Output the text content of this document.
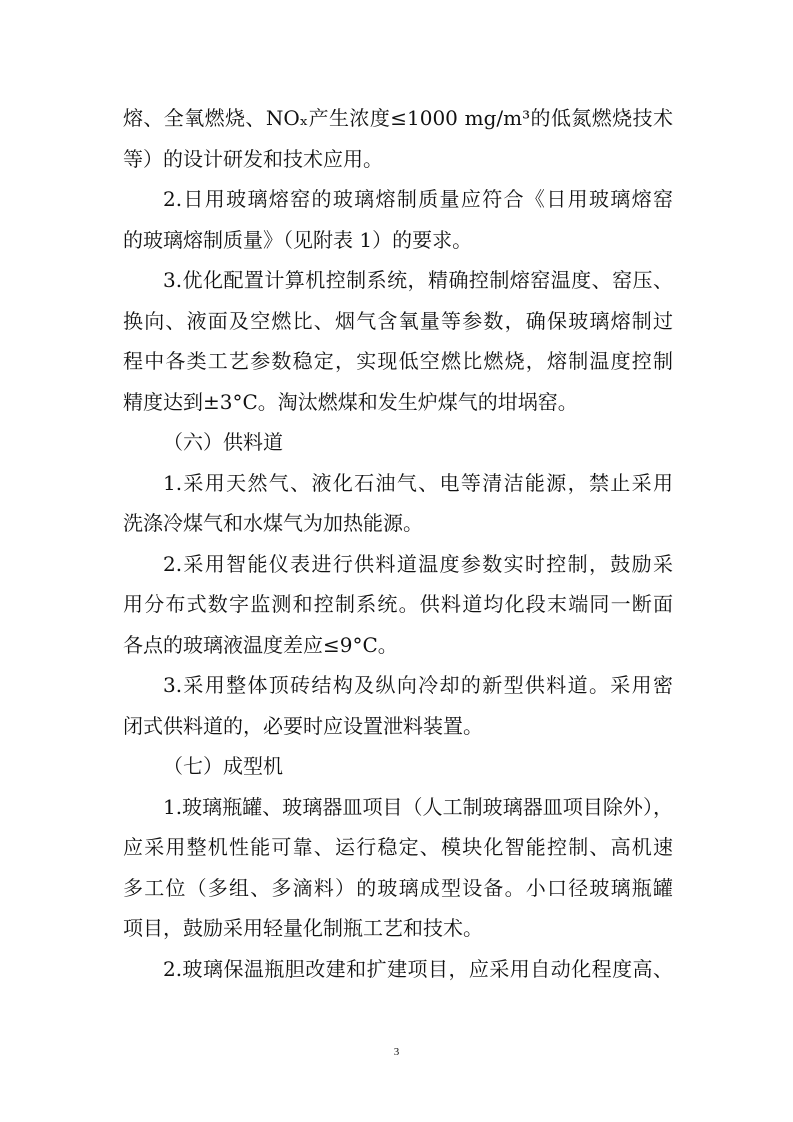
熔、全氧燃烧、NOₓ产生浓度≤1000 mg/m³的低氮燃烧技术
等）的设计研发和技术应用。
2.日用玻璃熔窑的玻璃熔制质量应符合《日用玻璃熔窑
的玻璃熔制质量》（见附表 1）的要求。
3.优化配置计算机控制系统，精确控制熔窑温度、窑压、
换向、液面及空燃比、烟气含氧量等参数，确保玻璃熔制过
程中各类工艺参数稳定，实现低空燃比燃烧，熔制温度控制
精度达到±3°C。淘汰燃煤和发生炉煤气的坩埚窑。
（六）供料道
1.采用天然气、液化石油气、电等清洁能源，禁止采用
洗涤冷煤气和水煤气为加热能源。
2.采用智能仪表进行供料道温度参数实时控制，鼓励采
用分布式数字监测和控制系统。供料道均化段末端同一断面
各点的玻璃液温度差应≤9°C。
3.采用整体顶砖结构及纵向冷却的新型供料道。采用密
闭式供料道的，必要时应设置泄料装置。
（七）成型机
1.玻璃瓶罐、玻璃器皿项目（人工制玻璃器皿项目除外），
应采用整机性能可靠、运行稳定、模块化智能控制、高机速
多工位（多组、多滴料）的玻璃成型设备。小口径玻璃瓶罐
项目，鼓励采用轻量化制瓶工艺和技术。
2.玻璃保温瓶胆改建和扩建项目，应采用自动化程度高、
3
